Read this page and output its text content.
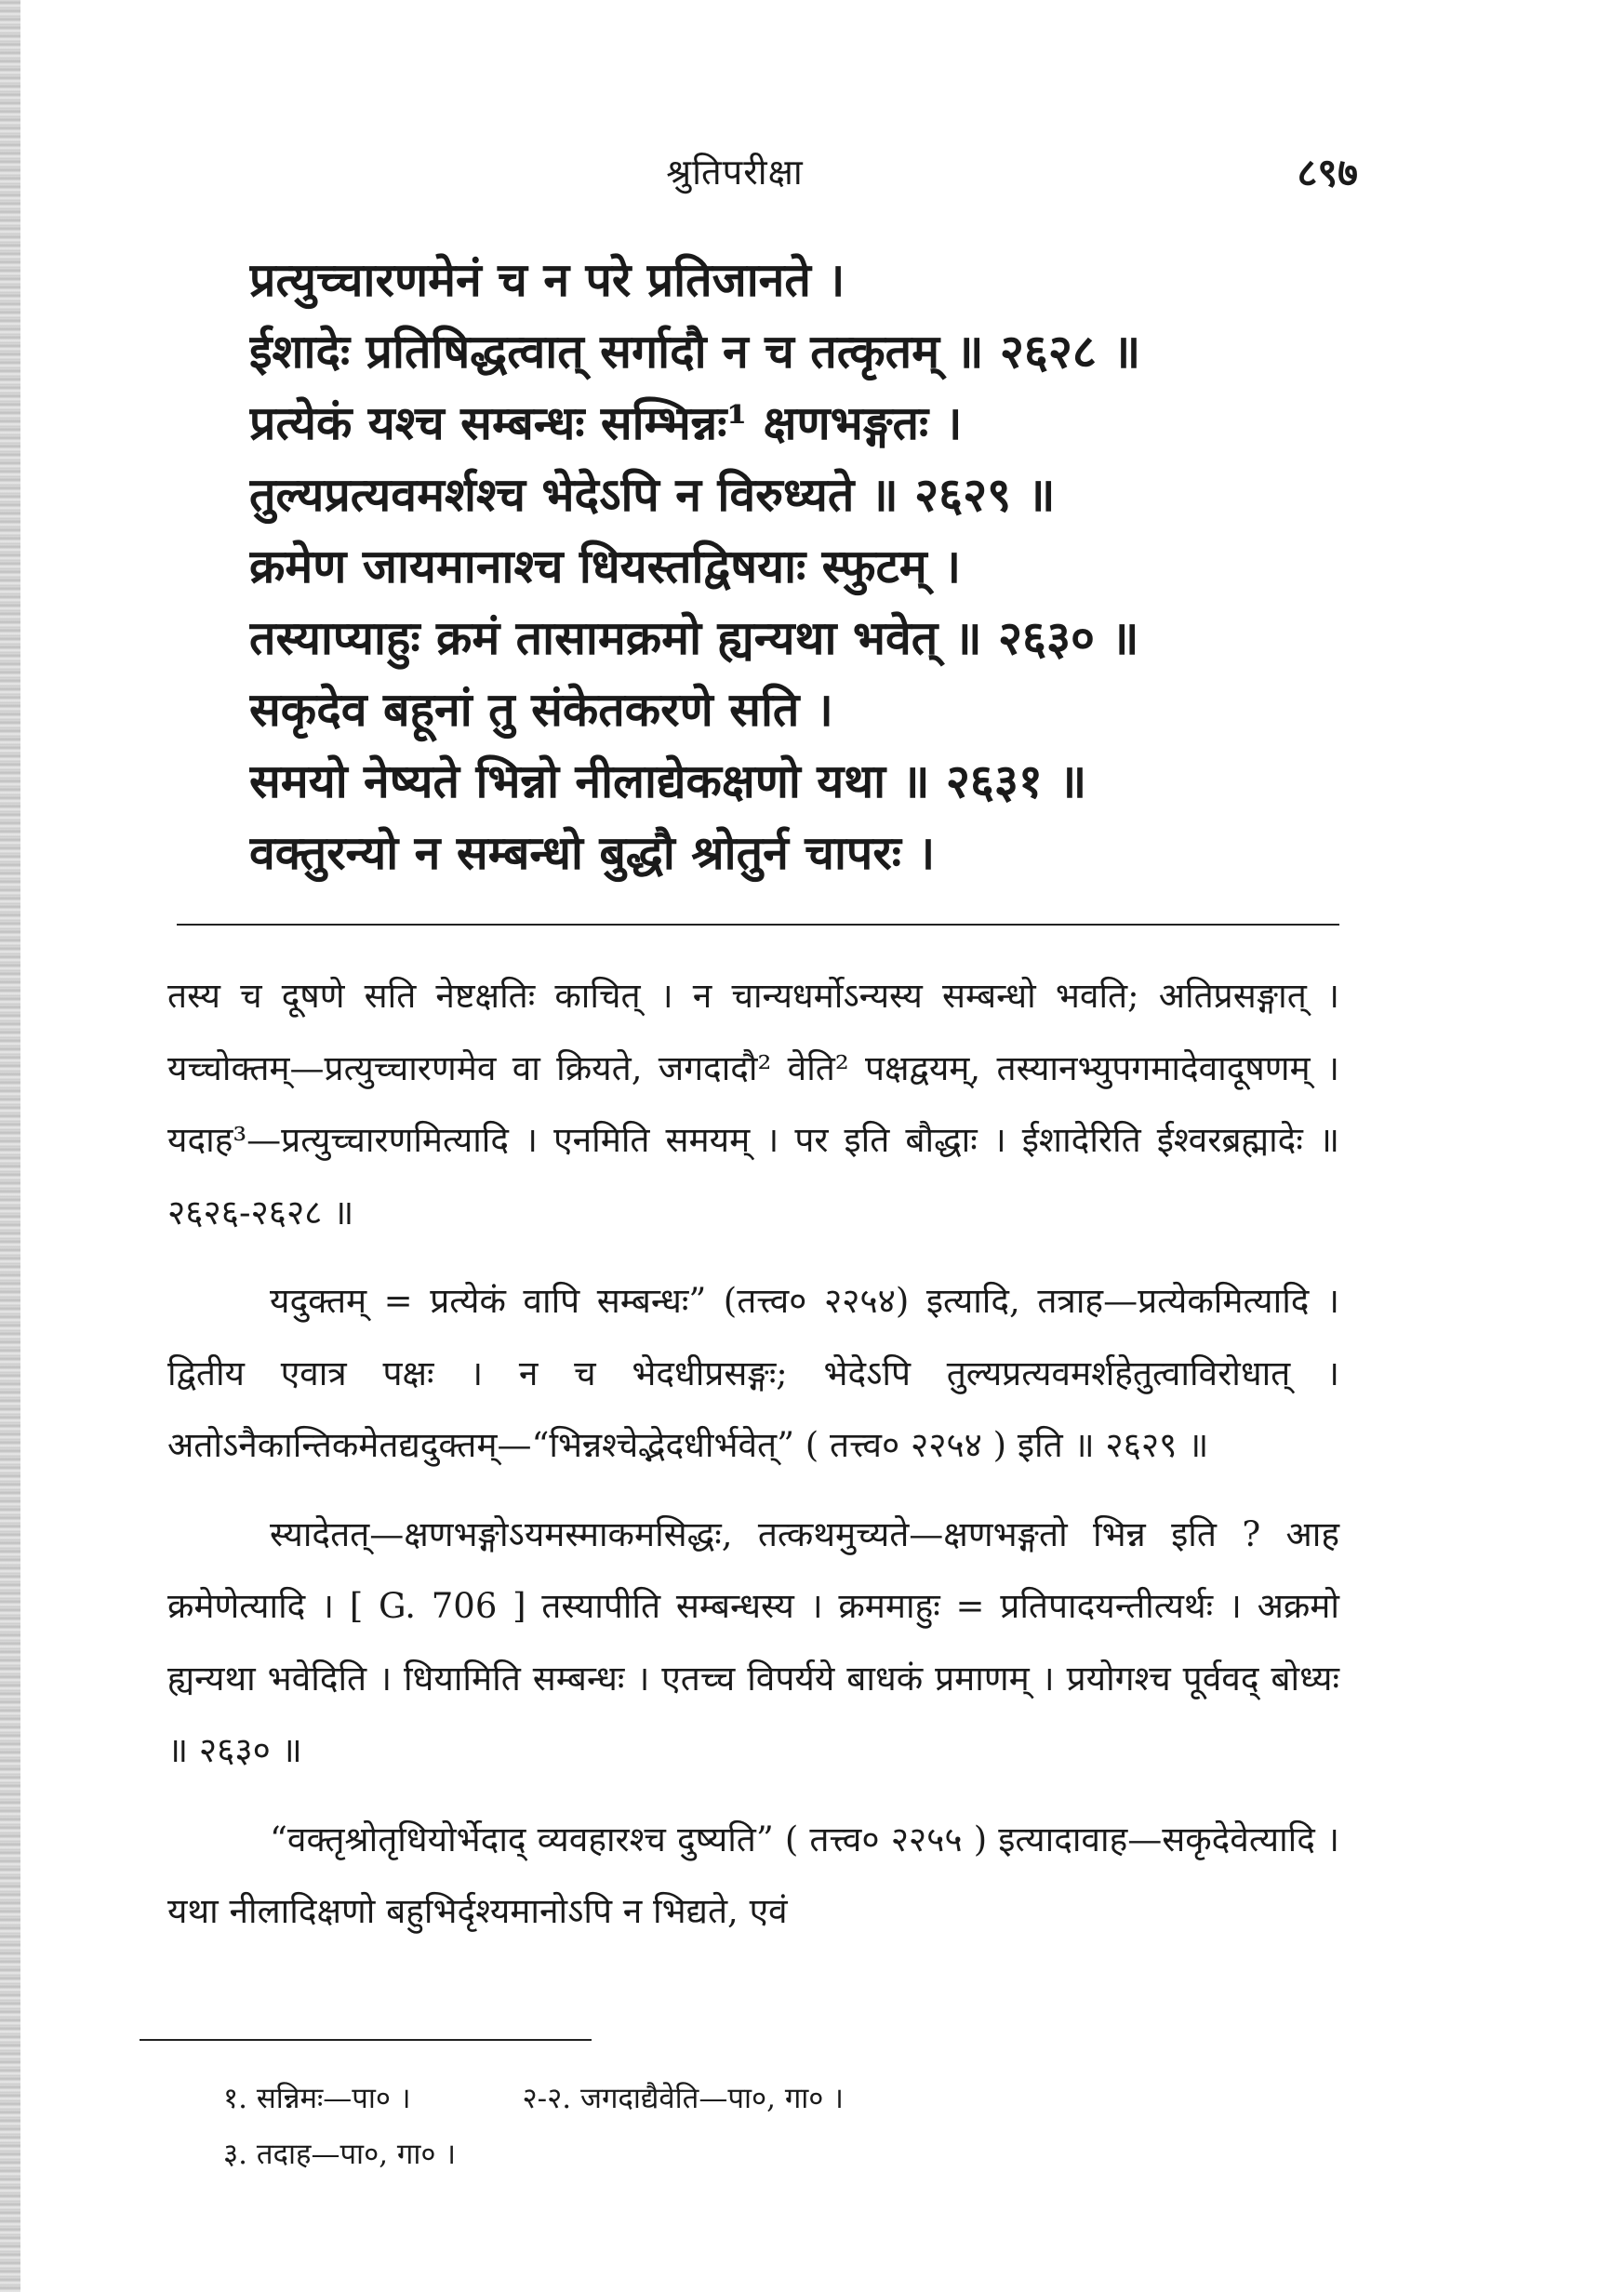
श्रुतिपरीक्षा	८९७
प्रत्युच्चारणमेनं च न परे प्रतिजानते ।
ईशादेः प्रतिषिद्धत्वात् सर्गादौ न च तत्कृतम् ॥ २६२८ ॥
प्रत्येकं यश्च सम्बन्धः सम्भिन्नः¹ क्षणभङ्गतः ।
तुल्यप्रत्यवमर्शश्च भेदेऽपि न विरुध्यते ॥ २६२९ ॥
क्रमेण जायमानाश्च धियस्तद्विषयाः स्फुटम् ।
तस्याप्याहुः क्रमं तासामक्रमो ह्यन्यथा भवेत् ॥ २६३० ॥
सकृदेव बहूनां तु संकेतकरणे सति ।
समयो नेष्यते भिन्नो नीलाद्येकक्षणो यथा ॥ २६३१ ॥
वक्तुरन्यो न सम्बन्धो बुद्धौ श्रोतुर्न चापरः ।

तस्य च दूषणे सति नेष्टक्षतिः काचित् । न चान्यधर्मोऽन्यस्य सम्बन्धो भवति; अतिप्रसङ्गात् । यच्चोक्तम्—प्रत्युच्चारणमेव वा क्रियते, जगदादौ² वेति² पक्षद्वयम्, तस्यानभ्युपगमादेवादूषणम् । यदाह³—प्रत्युच्चारणमित्यादि । एनमिति समयम् । पर इति बौद्धाः । ईशादेरिति ईश्वरब्रह्मादेः ॥ २६२६-२६२८ ॥

यदुक्तम् = प्रत्येकं वापि सम्बन्धः” (तत्त्व० २२५४) इत्यादि, तत्राह—प्रत्येकमित्यादि । द्वितीय एवात्र पक्षः । न च भेदधीप्रसङ्गः; भेदेऽपि तुल्यप्रत्यवमर्शहेतुत्वाविरोधात् । अतोऽनैकान्तिकमेतद्यदुक्तम्—“भिन्नश्चेद्भेदधीर्भवेत्” ( तत्त्व० २२५४ ) इति ॥ २६२९ ॥

स्यादेतत्—क्षणभङ्गोऽयमस्माकमसिद्धः, तत्कथमुच्यते—क्षणभङ्गतो भिन्न इति ? आह क्रमेणेत्यादि । [ G. 706 ] तस्यापीति सम्बन्धस्य । क्रममाहुः = प्रतिपादयन्तीत्यर्थः । अक्रमो ह्यन्यथा भवेदिति । धियामिति सम्बन्धः । एतच्च विपर्यये बाधकं प्रमाणम् । प्रयोगश्च पूर्ववद् बोध्यः ॥ २६३० ॥

“वक्तृश्रोतृधियोर्भेदाद् व्यवहारश्च दुष्यति” ( तत्त्व० २२५५ ) इत्यादावाह—सकृदेवेत्यादि । यथा नीलादिक्षणो बहुभिर्दृश्यमानोऽपि न भिद्यते, एवं

१. सन्निमः—पा० ।	२-२. जगदाद्यैवेति—पा०, गा० ।
३. तदाह—पा०, गा० ।
